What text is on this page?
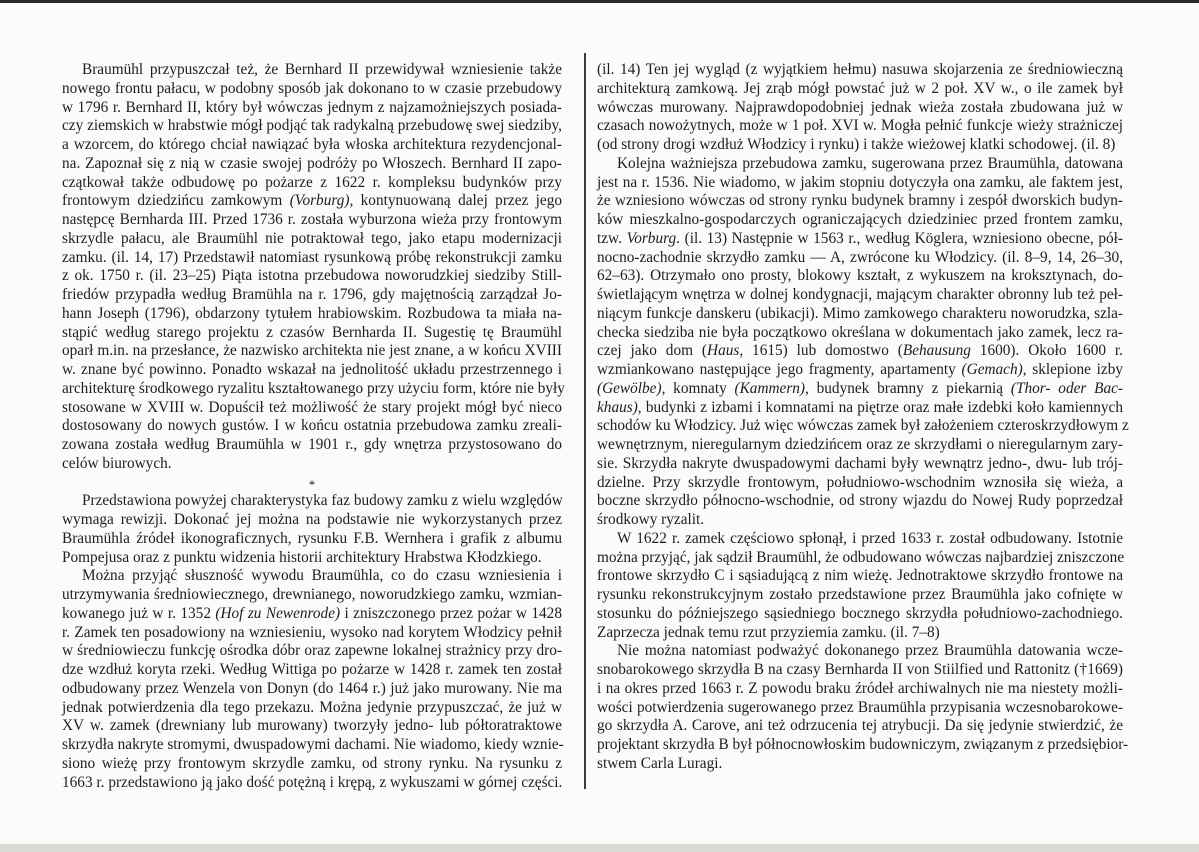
Braumühl przypuszczał też, że Bernhard II przewidywał wzniesienie także
nowego frontu pałacu, w podobny sposób jak dokonano to w czasie przebudowy
w 1796 r. Bernhard II, który był wówczas jednym z najzamożniejszych posiada-
czy ziemskich w hrabstwie mógł podjąć tak radykalną przebudowę swej siedziby,
a wzorcem, do którego chciał nawiązać była włoska architektura rezydencjonal-
na. Zapoznał się z nią w czasie swojej podróży po Włoszech. Bernhard II zapo-
czątkował także odbudowę po pożarze z 1622 r. kompleksu budynków przy
frontowym dziedzińcu zamkowym (Vorburg), kontynuowaną dalej przez jego
następcę Bernharda III. Przed 1736 r. została wyburzona wieża przy frontowym
skrzydle pałacu, ale Braumühl nie potraktował tego, jako etapu modernizacji
zamku. (il. 14, 17) Przedstawił natomiast rysunkową próbę rekonstrukcji zamku
z ok. 1750 r. (il. 23–25) Piąta istotna przebudowa noworudzkiej siedziby Still-
friedów przypadła według Bramühla na r. 1796, gdy majętnością zarządzał Jo-
hann Joseph (1796), obdarzony tytułem hrabiowskim. Rozbudowa ta miała na-
stąpić według starego projektu z czasów Bernharda II. Sugestię tę Braumühl
oparł m.in. na przesłance, że nazwisko architekta nie jest znane, a w końcu XVIII
w. znane być powinno. Ponadto wskazał na jednolitość układu przestrzennego i
architekturę środkowego ryzalitu kształtowanego przy użyciu form, które nie były
stosowane w XVIII w. Dopuścił też możliwość że stary projekt mógł być nieco
dostosowany do nowych gustów. I w końcu ostatnia przebudowa zamku zreali-
zowana została według Braumühla w 1901 r., gdy wnętrza przystosowano do
celów biurowych.
*
Przedstawiona powyżej charakterystyka faz budowy zamku z wielu względów
wymaga rewizji. Dokonać jej można na podstawie nie wykorzystanych przez
Braumühla źródeł ikonograficznych, rysunku F.B. Wernhera i grafik z albumu
Pompejusa oraz z punktu widzenia historii architektury Hrabstwa Kłodzkiego.
Można przyjąć słuszność wywodu Braumühla, co do czasu wzniesienia i
utrzymywania średniowiecznego, drewnianego, noworudzkiego zamku, wzmian-
kowanego już w r. 1352 (Hof zu Newenrode) i zniszczonego przez pożar w 1428
r. Zamek ten posadowiony na wzniesieniu, wysoko nad korytem Włodzicy pełnił
w średniowieczu funkcję ośrodka dóbr oraz zapewne lokalnej strażnicy przy dro-
dze wzdłuż koryta rzeki. Według Wittiga po pożarze w 1428 r. zamek ten został
odbudowany przez Wenzela von Donyn (do 1464 r.) już jako murowany. Nie ma
jednak potwierdzenia dla tego przekazu. Można jedynie przypuszczać, że już w
XV w. zamek (drewniany lub murowany) tworzyły jedno- lub półtoratraktowe
skrzydła nakryte stromymi, dwuspadowymi dachami. Nie wiadomo, kiedy wznie-
siono wieżę przy frontowym skrzydle zamku, od strony rynku. Na rysunku z
1663 r. przedstawiono ją jako dość potężną i krępą, z wykuszami w górnej części.
(il. 14) Ten jej wygląd (z wyjątkiem hełmu) nasuwa skojarzenia ze średniowieczną
architekturą zamkową. Jej zrąb mógł powstać już w 2 poł. XV w., o ile zamek był
wówczas murowany. Najprawdopodobniej jednak wieża została zbudowana już w
czasach nowożytnych, może w 1 poł. XVI w. Mogła pełnić funkcje wieży strażniczej
(od strony drogi wzdłuż Włodzicy i rynku) i także wieżowej klatki schodowej. (il. 8)
Kolejna ważniejsza przebudowa zamku, sugerowana przez Braumühla, datowana
jest na r. 1536. Nie wiadomo, w jakim stopniu dotyczyła ona zamku, ale faktem jest,
że wzniesiono wówczas od strony rynku budynek bramny i zespół dworskich budyn-
ków mieszkalno-gospodarczych ograniczających dziedziniec przed frontem zamku,
tzw. Vorburg. (il. 13) Następnie w 1563 r., według Köglera, wzniesiono obecne, pół-
nocno-zachodnie skrzydło zamku — A, zwrócone ku Włodzicy. (il. 8–9, 14, 26–30,
62–63). Otrzymało ono prosty, blokowy kształt, z wykuszem na kroksztynach, do-
świetlającym wnętrza w dolnej kondygnacji, mającym charakter obronny lub też peł-
niącym funkcje danskeru (ubikacji). Mimo zamkowego charakteru noworudzka, szla-
checka siedziba nie była początkowo określana w dokumentach jako zamek, lecz ra-
czej jako dom (Haus, 1615) lub domostwo (Behausung 1600). Około 1600 r.
wzmiankowano następujące jego fragmenty, apartamenty (Gemach), sklepione izby
(Gewölbe), komnaty (Kammern), budynek bramny z piekarnią (Thor- oder Bac-
khaus), budynki z izbami i komnatami na piętrze oraz małe izdebki koło kamiennych
schodów ku Włodzicy. Już więc wówczas zamek był założeniem czteroskrzydłowym z
wewnętrznym, nieregularnym dziedzińcem oraz ze skrzydłami o nieregularnym zary-
sie. Skrzydła nakryte dwuspadowymi dachami były wewnątrz jedno-, dwu- lub trój-
dzielne. Przy skrzydle frontowym, południowo-wschodnim wznosiła się wieża, a
boczne skrzydło północno-wschodnie, od strony wjazdu do Nowej Rudy poprzedzał
środkowy ryzalit.
W 1622 r. zamek częściowo spłonął, i przed 1633 r. został odbudowany. Istotnie
można przyjąć, jak sądził Braumühl, że odbudowano wówczas najbardziej zniszczone
frontowe skrzydło C i sąsiadującą z nim wieżę. Jednotraktowe skrzydło frontowe na
rysunku rekonstrukcyjnym zostało przedstawione przez Braumühla jako cofnięte w
stosunku do późniejszego sąsiedniego bocznego skrzydła południowo-zachodniego.
Zaprzecza jednak temu rzut przyziemia zamku. (il. 7–8)
Nie można natomiast podważyć dokonanego przez Braumühla datowania wcze-
snobarokowego skrzydła B na czasy Bernharda II von Stiilfied und Rattonitz (†1669)
i na okres przed 1663 r. Z powodu braku źródeł archiwalnych nie ma niestety możli-
wości potwierdzenia sugerowanego przez Braumühla przypisania wczesnobarokowe-
go skrzydła A. Carove, ani też odrzucenia tej atrybucji. Da się jedynie stwierdzić, że
projektant skrzydła B był północnowłoskim budowniczym, związanym z przedsiębior-
stwem Carla Luragi.
